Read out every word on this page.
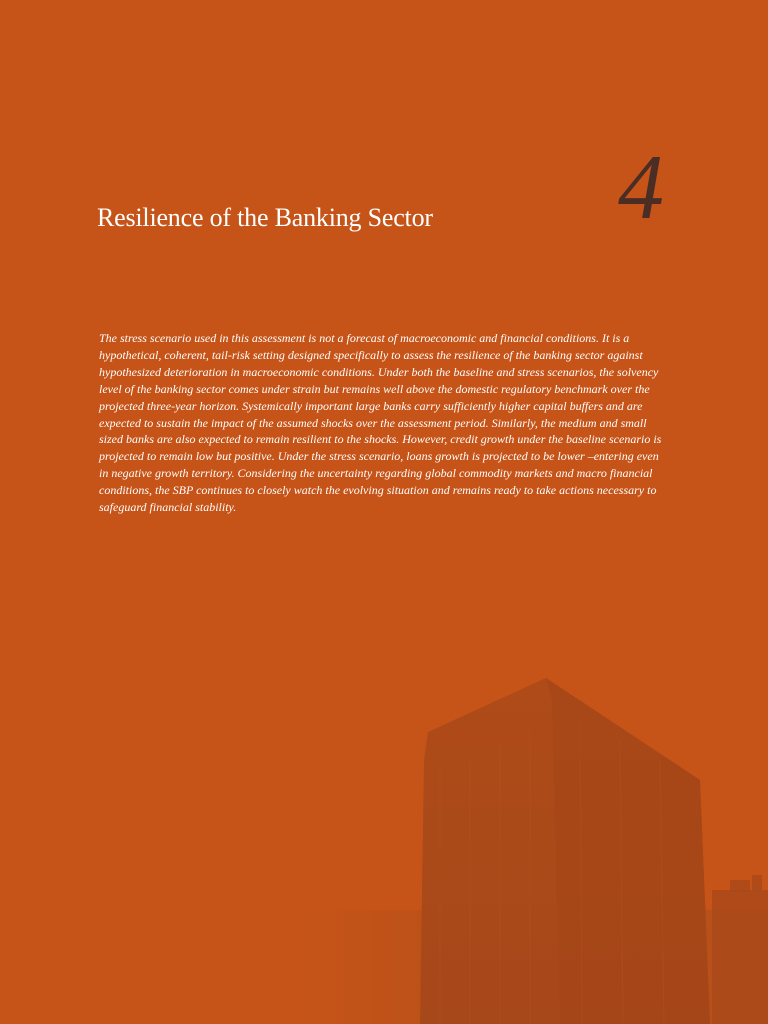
Resilience of the Banking Sector 4

The stress scenario used in this assessment is not a forecast of macroeconomic and financial conditions. It is a hypothetical, coherent, tail-risk setting designed specifically to assess the resilience of the banking sector against hypothesized deterioration in macroeconomic conditions. Under both the baseline and stress scenarios, the solvency level of the banking sector comes under strain but remains well above the domestic regulatory benchmark over the projected three-year horizon. Systemically important large banks carry sufficiently higher capital buffers and are expected to sustain the impact of the assumed shocks over the assessment period. Similarly, the medium and small sized banks are also expected to remain resilient to the shocks. However, credit growth under the baseline scenario is projected to remain low but positive. Under the stress scenario, loans growth is projected to be lower –entering even in negative growth territory. Considering the uncertainty regarding global commodity markets and macro financial conditions, the SBP continues to closely watch the evolving situation and remains ready to take actions necessary to safeguard financial stability.
